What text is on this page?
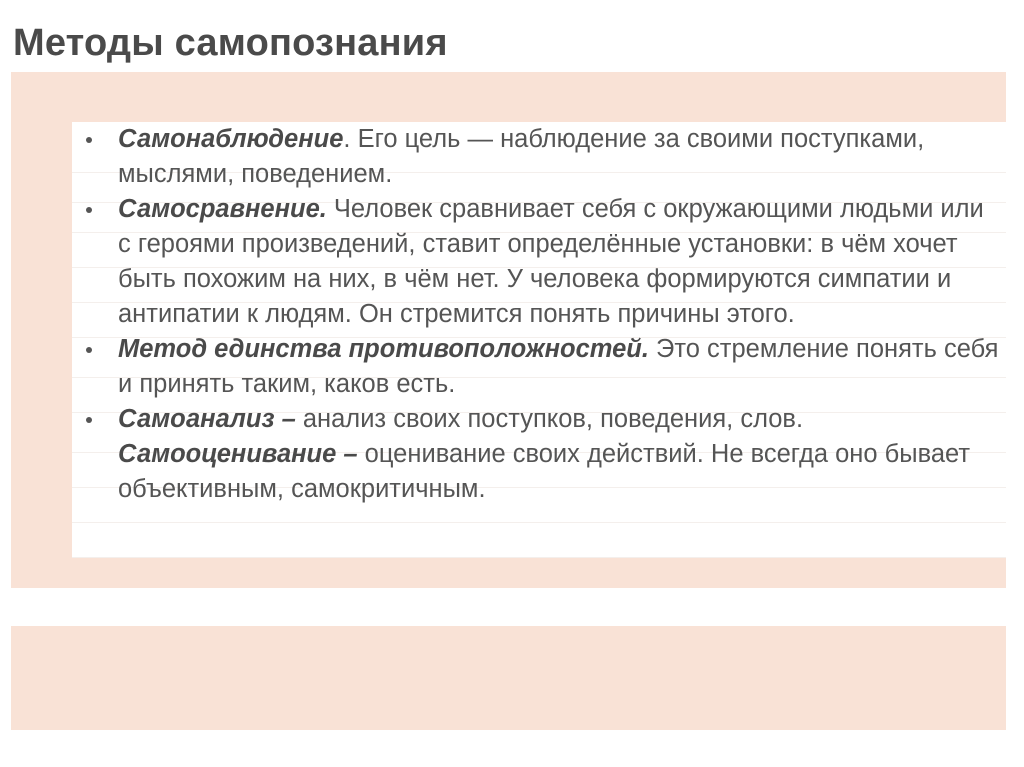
Методы самопознания
Самонаблюдение. Его цель — наблюдение за своими поступками, мыслями, поведением.
Самосравнение. Человек сравнивает себя с окружающими людьми или с героями произведений, ставит определённые установки: в чём хочет быть похожим на них, в чём нет. У человека формируются симпатии и антипатии к людям. Он стремится понять причины этого.
Метод единства противоположностей. Это стремление понять себя и принять таким, каков есть.
Самоанализ – анализ своих поступков, поведения, слов. Самооценивание – оценивание своих действий. Не всегда оно бывает объективным, самокритичным.
